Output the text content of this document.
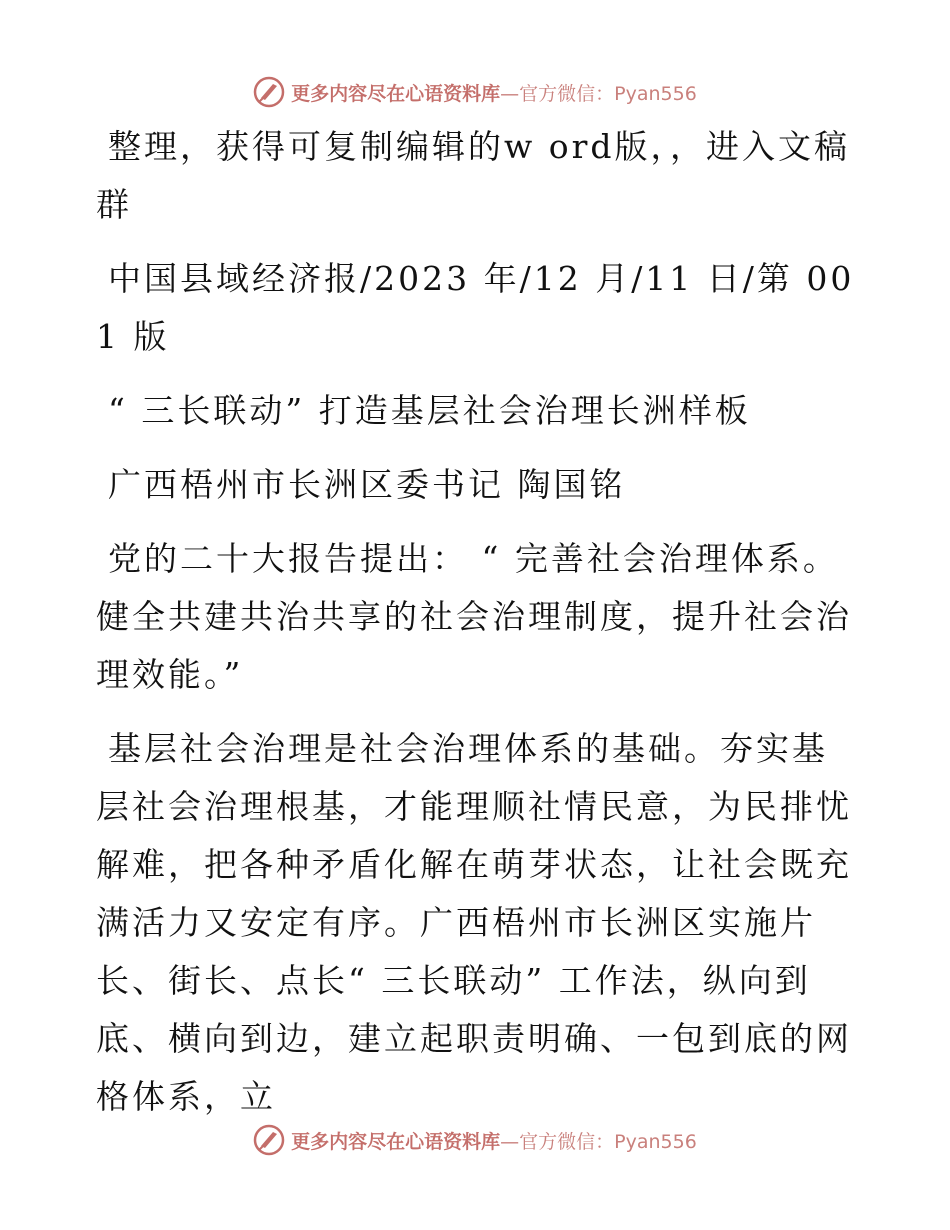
更多内容尽在心语资料库—官方微信：Pyan556

整理，获得可复制编辑的w ord版，，进入文稿群

中国县域经济报/2023 年/12 月/11 日/第 001 版

“ 三长联动” 打造基层社会治理长洲样板

广西梧州市长洲区委书记 陶国铭

党的二十大报告提出： “ 完善社会治理体系。健全共建共治共享的社会治理制度，提升社会治理效能。”

基层社会治理是社会治理体系的基础。夯实基层社会治理根基，才能理顺社情民意，为民排忧解难，把各种矛盾化解在萌芽状态，让社会既充满活力又安定有序。广西梧州市长洲区实施片长、街长、点长“ 三长联动” 工作法，纵向到底、横向到边，建立起职责明确、一包到底的网格体系，立

更多内容尽在心语资料库—官方微信：Pyan556
